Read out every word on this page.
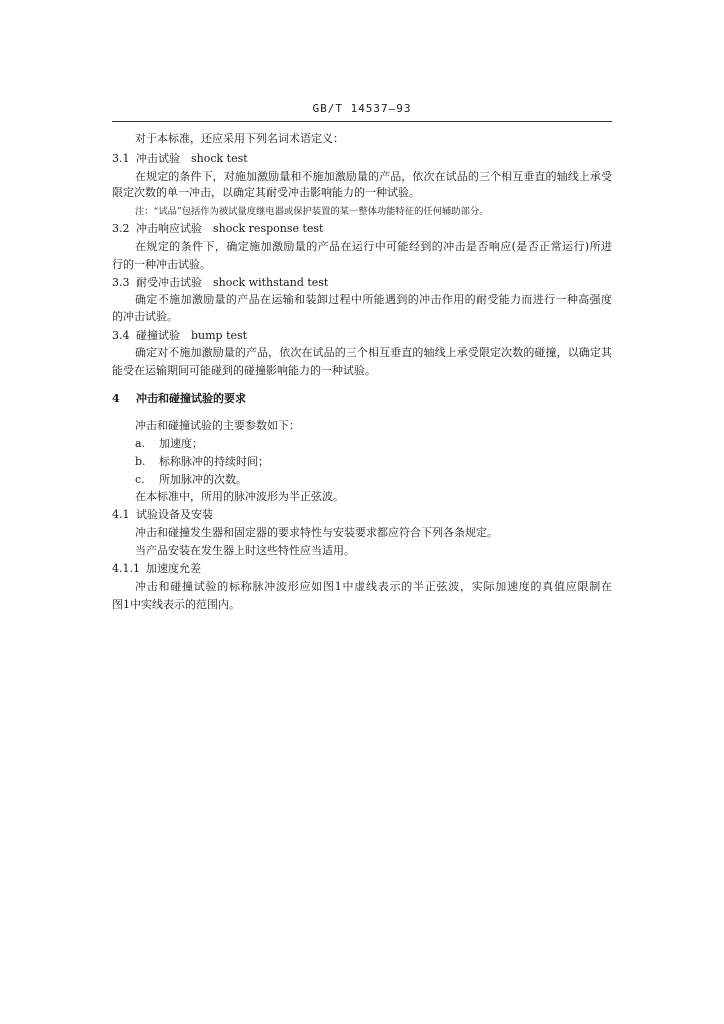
GB/T 14537—93
对于本标准，还应采用下列名词术语定义：
3.1 冲击试验　shock test
在规定的条件下，对施加激励量和不施加激励量的产品，依次在试品的三个相互垂直的轴线上承受
限定次数的单一冲击，以确定其耐受冲击影响能力的一种试验。
注：“试品”包括作为被试量度继电器或保护装置的某一整体功能特征的任何辅助部分。
3.2 冲击响应试验　shock response test
在规定的条件下，确定施加激励量的产品在运行中可能经到的冲击是否响应(是否正常运行)所进
行的一种冲击试验。
3.3 耐受冲击试验　shock withstand test
确定不施加激励量的产品在运输和装卸过程中所能遇到的冲击作用的耐受能力而进行一种高强度
的冲击试验。
3.4 碰撞试验　bump test
确定对不施加激励量的产品，依次在试品的三个相互垂直的轴线上承受限定次数的碰撞，以确定其
能受在运输期间可能碰到的碰撞影响能力的一种试验。
4 冲击和碰撞试验的要求
冲击和碰撞试验的主要参数如下：
a. 加速度；
b. 标称脉冲的持续时间；
c. 所加脉冲的次数。
在本标准中，所用的脉冲波形为半正弦波。
4.1 试验设备及安装
冲击和碰撞发生器和固定器的要求特性与安装要求都应符合下列各条规定。
当产品安装在发生器上时这些特性应当适用。
4.1.1 加速度允差
冲击和碰撞试验的标称脉冲波形应如图1中虚线表示的半正弦波，实际加速度的真值应限制在
图1中实线表示的范围内。
